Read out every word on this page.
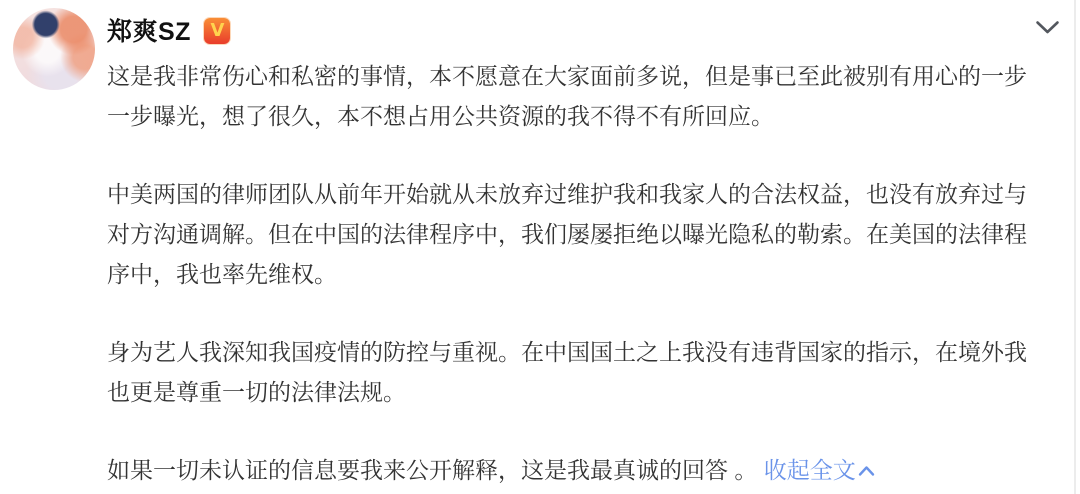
郑爽SZ V

这是我非常伤心和私密的事情，本不愿意在大家面前多说，但是事已至此被别有用心的一步一步曝光，想了很久，本不想占用公共资源的我不得不有所回应。

中美两国的律师团队从前年开始就从未放弃过维护我和我家人的合法权益，也没有放弃过与对方沟通调解。但在中国的法律程序中，我们屡屡拒绝以曝光隐私的勒索。在美国的法律程序中，我也率先维权。

身为艺人我深知我国疫情的防控与重视。在中国国土之上我没有违背国家的指示，在境外我也更是尊重一切的法律法规。

如果一切未认证的信息要我来公开解释，这是我最真诚的回答 。 收起全文
